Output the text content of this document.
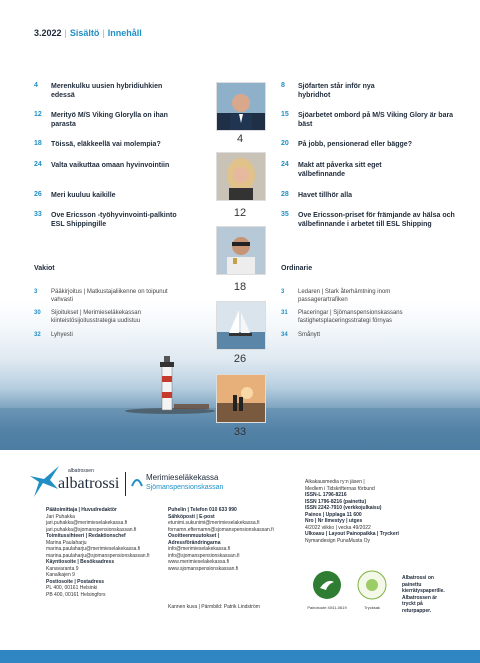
3.2022 | Sisältö | Innehåll
4 Merenkulku uusien hybridiuhkien edessä
12 Merityö M/S Viking Glorylla on ihan parasta
18 Töissä, eläkkeellä vai molempia?
24 Valta vaikuttaa omaan hyvinvointiin
26 Meri kuuluu kaikille
33 Ove Ericsson -työhyvinvointi-palkinto ESL Shippingille
8 Sjöfarten står inför nya hybridhot
15 Sjöarbetet ombord på M/S Viking Glory är bara bäst
20 På jobb, pensionerad eller bägge?
24 Makt att påverka sitt eget välbefinnande
28 Havet tillhör alla
35 Ove Ericsson-priset för främjande av hälsa och välbefinnande i arbetet till ESL Shipping
4
12
18
26
33
Vakiot
3 Pääkirjoitus | Matkustajaliikenne on toipunut vahvasti
30 Sijoitukset | Merimieseläkekassan kiinteistösijoitusstrategia uudistuu
32 Lyhyesti
Ordinarie
3 Ledaren | Stark återhämtning inom passagerartrafiken
31 Placeringar | Sjömanspensionskassans fastighetsplaceringsstrategi förnyas
34 Smånytt
albatrossen
albatrossi	Merimieseläkekassa
Sjömanspensionskassan
Päätoimittaja | Huvudredaktör
Jari Puhakka
jari.puhakka@merimieselakekassa.fi
jari.puhakka@sjomanspensionskassan.fi
Toimitussihteeri | Redaktionschef
Marina Paulaharju
marina.paulaharju@merimieselakekassa.fi
marina.paulaharju@sjomanspensionskassan.fi
Käyntiosoite | Besöksadress
Kanavaranta 9
Kanalkajen 9
Postiosoite | Postadress
PL 400, 00161 Helsinki
PB 400, 00161 Helsingfors
Puhelin | Telefon 010 633 990
Sähköposti | E-post
etunimi.sukunimi@merimieselakekassa.fi
fornamn.efternamn@sjomanspensionskassan.fi
Osoitteenmuutokset |
Adressförändringarna
info@merimieselakekassa.fi
info@sjomanspensionskassan.fi
www.merimieselakekassa.fi
www.sjomanspensionskassan.fi
Kannen kuva | Pärmbild: Patrik Lindström
Aikakausmedia ry:n jäsen |
Medlem i Tidskrifternas förbund
ISSN-L 1796-8216
ISSN 1796-8216 (painettu)
ISSN 2242-7910 (verkkojulkaisu)
Painos | Upplaga 11 600
Nro | Nr Ilmestyy | utges
4/2022 viikko | vecka 49/2022
Ulkoasu | Layout Painopaikka | Tryckeri
Nymandesign PunaMusta Oy
Painotuote 4041-0619	Trycksak
Albatrossi on painettu kierrätyspaperille. Albatrossen är tryckt på returpapper.
